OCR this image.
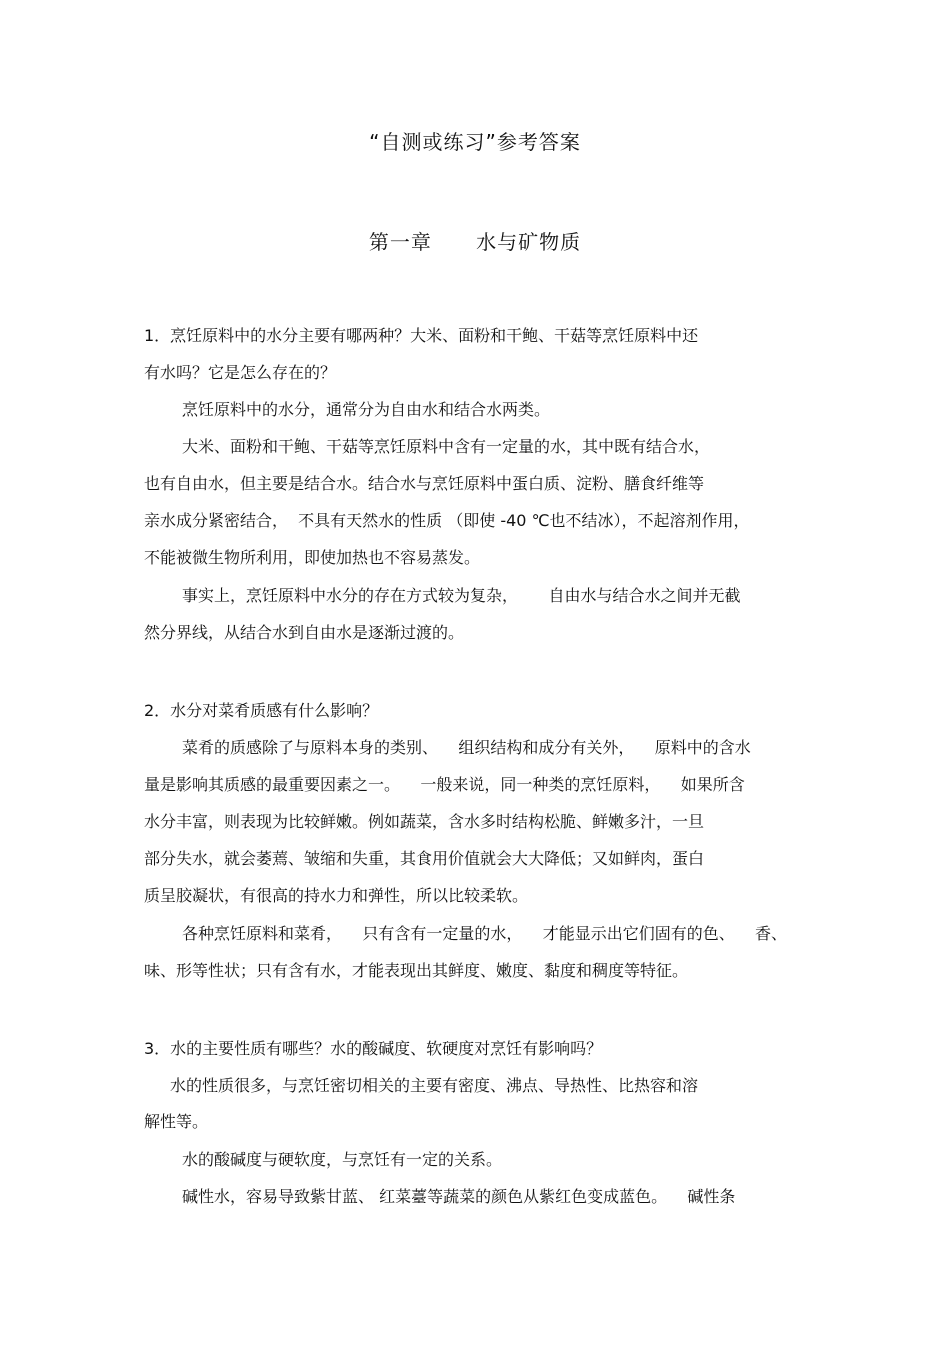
“自测或练习”参考答案
第一章      水与矿物质
1．烹饪原料中的水分主要有哪两种？大米、面粉和干鲍、干菇等烹饪原料中还
有水吗？它是怎么存在的？
烹饪原料中的水分，通常分为自由水和结合水两类。
大米、面粉和干鲍、干菇等烹饪原料中含有一定量的水，其中既有结合水，
也有自由水，但主要是结合水。结合水与烹饪原料中蛋白质、淀粉、膳食纤维等
亲水成分紧密结合，  不具有天然水的性质 （即使 -40 ℃也不结冰），不起溶剂作用，
不能被微生物所利用，即使加热也不容易蒸发。
事实上，烹饪原料中水分的存在方式较为复杂，      自由水与结合水之间并无截
然分界线，从结合水到自由水是逐渐过渡的。
2．水分对菜肴质感有什么影响？
菜肴的质感除了与原料本身的类别、    组织结构和成分有关外，    原料中的含水
量是影响其质感的最重要因素之一。    一般来说，同一种类的烹饪原料，    如果所含
水分丰富，则表现为比较鲜嫩。例如蔬菜，含水多时结构松脆、鲜嫩多汁，一旦
部分失水，就会萎蔫、皱缩和失重，其食用价值就会大大降低；又如鲜肉，蛋白
质呈胶凝状，有很高的持水力和弹性，所以比较柔软。
各种烹饪原料和菜肴，    只有含有一定量的水，    才能显示出它们固有的色、    香、
味、形等性状；只有含有水，才能表现出其鲜度、嫩度、黏度和稠度等特征。
3．水的主要性质有哪些？水的酸碱度、软硬度对烹饪有影响吗？
水的性质很多，与烹饪密切相关的主要有密度、沸点、导热性、比热容和溶
解性等。
水的酸碱度与硬软度，与烹饪有一定的关系。
碱性水，容易导致紫甘蓝、 红菜薹等蔬菜的颜色从紫红色变成蓝色。    碱性条
